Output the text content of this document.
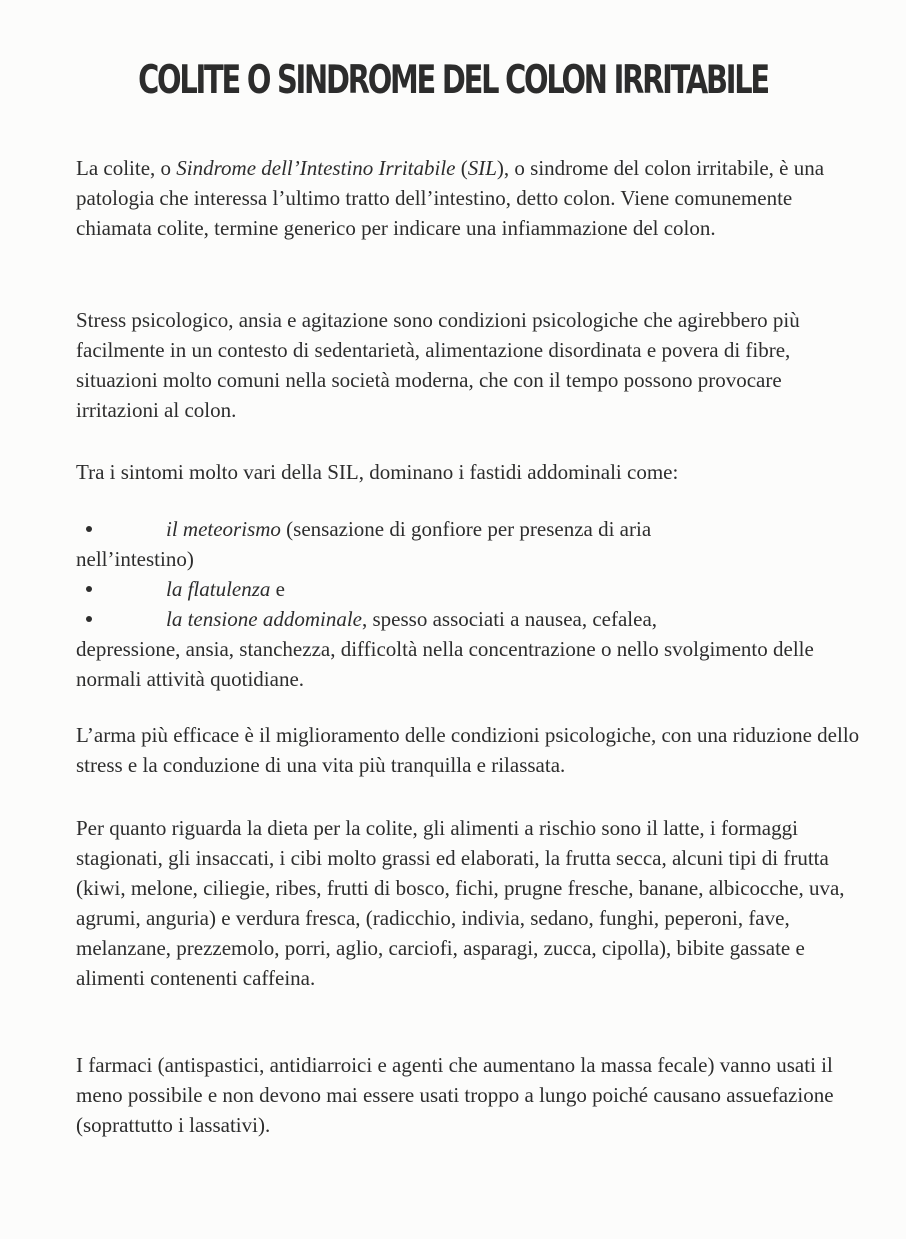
COLITE O SINDROME DEL COLON IRRITABILE

La colite, o Sindrome dell’Intestino Irritabile (SIL), o sindrome del colon irritabile, è una patologia che interessa l’ultimo tratto dell’intestino, detto colon. Viene comunemente chiamata colite, termine generico per indicare una infiammazione del colon.

Stress psicologico, ansia e agitazione sono condizioni psicologiche che agirebbero più facilmente in un contesto di sedentarietà, alimentazione disordinata e povera di fibre, situazioni molto comuni nella società moderna, che con il tempo possono provocare irritazioni al colon.

Tra i sintomi molto vari della SIL, dominano i fastidi addominali come:

il meteorismo (sensazione di gonfiore per presenza di aria

nell’intestino)

la flatulenza e

la tensione addominale, spesso associati a nausea, cefalea,

depressione, ansia, stanchezza, difficoltà nella concentrazione o nello svolgimento delle normali attività quotidiane.

L’arma più efficace è il miglioramento delle condizioni psicologiche, con una riduzione dello stress e la conduzione di una vita più tranquilla e rilassata.

Per quanto riguarda la dieta per la colite, gli alimenti a rischio sono il latte, i formaggi stagionati, gli insaccati, i cibi molto grassi ed elaborati, la frutta secca, alcuni tipi di frutta (kiwi, melone, ciliegie, ribes, frutti di bosco, fichi, prugne fresche, banane, albicocche, uva, agrumi, anguria) e verdura fresca, (radicchio, indivia, sedano, funghi, peperoni, fave, melanzane, prezzemolo, porri, aglio, carciofi, asparagi, zucca, cipolla), bibite gassate e alimenti contenenti caffeina.

I farmaci (antispastici, antidiarroici e agenti che aumentano la massa fecale) vanno usati il meno possibile e non devono mai essere usati troppo a lungo poiché causano assuefazione (soprattutto i lassativi).
